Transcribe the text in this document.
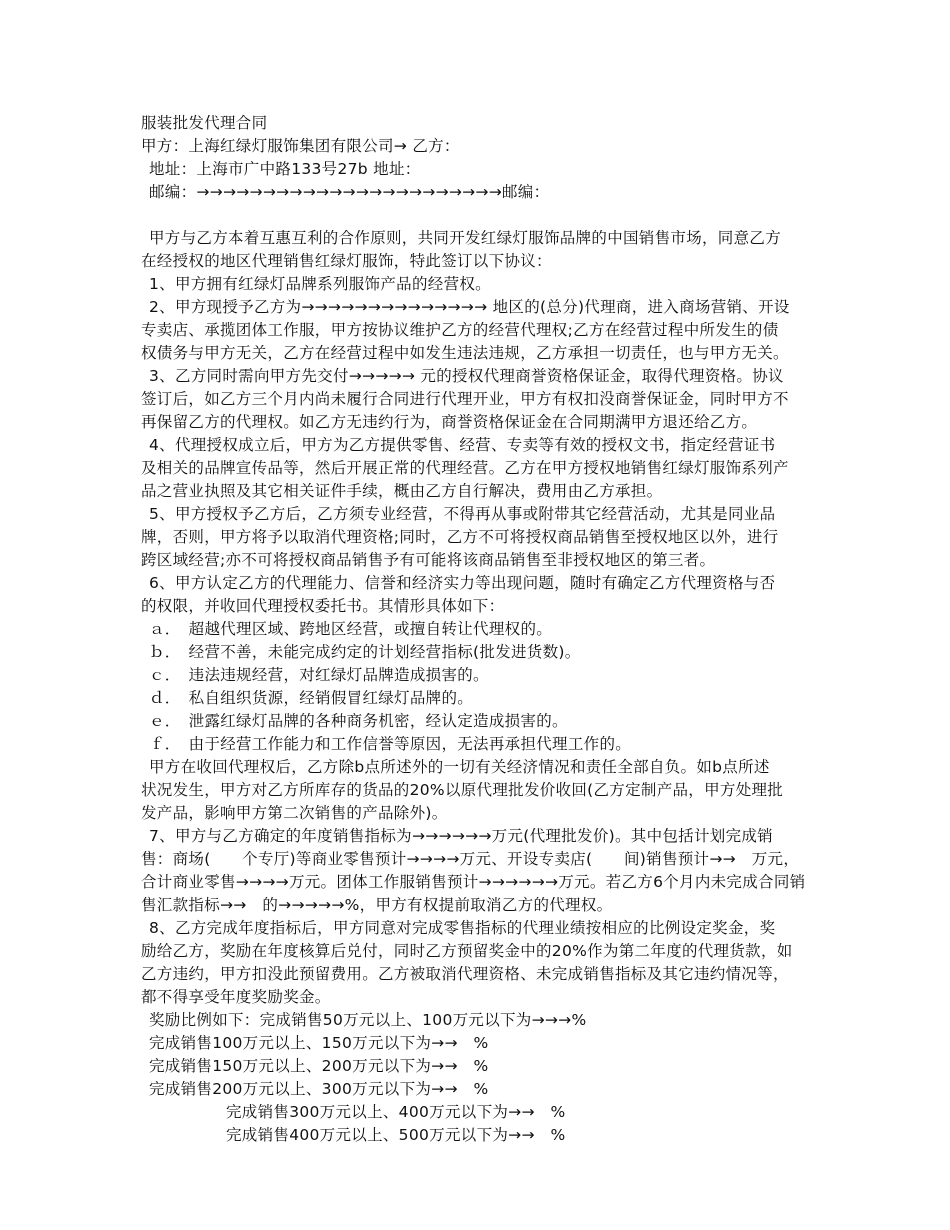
服装批发代理合同
甲方：上海红绿灯服饰集团有限公司→ 乙方：
地址：上海市广中路133号27b 地址：
邮编：→→→→→→→→→→→→→→→→→→→→→→→邮编：
甲方与乙方本着互惠互利的合作原则，共同开发红绿灯服饰品牌的中国销售市场，同意乙方
在经授权的地区代理销售红绿灯服饰，特此签订以下协议：
1、甲方拥有红绿灯品牌系列服饰产品的经营权。
2、甲方现授予乙方为→→→→→→→→→→→→→→ 地区的(总分)代理商，进入商场营销、开设
专卖店、承揽团体工作服，甲方按协议维护乙方的经营代理权;乙方在经营过程中所发生的债
权债务与甲方无关，乙方在经营过程中如发生违法违规，乙方承担一切责任，也与甲方无关。
3、乙方同时需向甲方先交付→→→→→ 元的授权代理商誉资格保证金，取得代理资格。协议
签订后，如乙方三个月内尚未履行合同进行代理开业，甲方有权扣没商誉保证金，同时甲方不
再保留乙方的代理权。如乙方无违约行为，商誉资格保证金在合同期满甲方退还给乙方。
4、代理授权成立后，甲方为乙方提供零售、经营、专卖等有效的授权文书，指定经营证书
及相关的品牌宣传品等，然后开展正常的代理经营。乙方在甲方授权地销售红绿灯服饰系列产
品之营业执照及其它相关证件手续，概由乙方自行解决，费用由乙方承担。
5、甲方授权予乙方后，乙方须专业经营，不得再从事或附带其它经营活动，尤其是同业品
牌，否则，甲方将予以取消代理资格;同时，乙方不可将授权商品销售至授权地区以外，进行
跨区域经营;亦不可将授权商品销售予有可能将该商品销售至非授权地区的第三者。
6、甲方认定乙方的代理能力、信誉和经济实力等出现问题，随时有确定乙方代理资格与否
的权限，并收回代理授权委托书。其情形具体如下：
ａ．　超越代理区域、跨地区经营，或擅自转让代理权的。
ｂ．　经营不善，未能完成约定的计划经营指标(批发进货数)。
ｃ．　违法违规经营，对红绿灯品牌造成损害的。
ｄ．　私自组织货源，经销假冒红绿灯品牌的。
ｅ．　泄露红绿灯品牌的各种商务机密，经认定造成损害的。
ｆ．　由于经营工作能力和工作信誉等原因，无法再承担代理工作的。
甲方在收回代理权后，乙方除b点所述外的一切有关经济情况和责任全部自负。如b点所述
状况发生，甲方对乙方所库存的货品的20%以原代理批发价收回(乙方定制产品，甲方处理批
发产品，影响甲方第二次销售的产品除外)。
7、甲方与乙方确定的年度销售指标为→→→→→→万元(代理批发价)。其中包括计划完成销
售：商场(　　个专厅)等商业零售预计→→→→万元、开设专卖店(　　间)销售预计→→　万元，
合计商业零售→→→→万元。团体工作服销售预计→→→→→→万元。若乙方6个月内未完成合同销
售汇款指标→→　的→→→→→%，甲方有权提前取消乙方的代理权。
8、乙方完成年度指标后，甲方同意对完成零售指标的代理业绩按相应的比例设定奖金，奖
励给乙方，奖励在年度核算后兑付，同时乙方预留奖金中的20%作为第二年度的代理货款，如
乙方违约，甲方扣没此预留费用。乙方被取消代理资格、未完成销售指标及其它违约情况等，
都不得享受年度奖励奖金。
奖励比例如下：完成销售50万元以上、100万元以下为→→→%
完成销售100万元以上、150万元以下为→→　%
完成销售150万元以上、200万元以下为→→　%
完成销售200万元以上、300万元以下为→→　%
完成销售300万元以上、400万元以下为→→　%
完成销售400万元以上、500万元以下为→→　%
